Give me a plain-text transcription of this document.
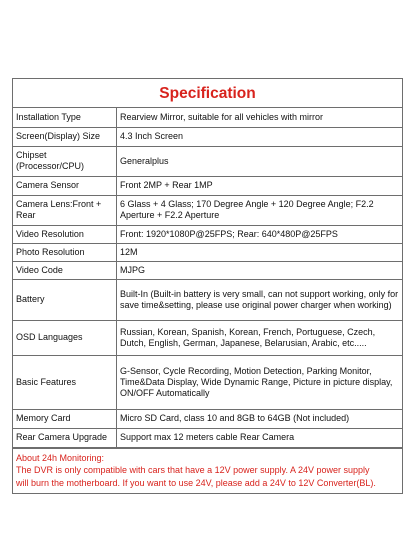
Specification
Installation Type	Rearview Mirror, suitable for all vehicles with mirror
Screen(Display) Size	4.3 Inch Screen
Chipset (Processor/CPU)	Generalplus
Camera Sensor	Front 2MP + Rear 1MP
Camera Lens:Front + Rear	6 Glass + 4 Glass; 170 Degree Angle + 120 Degree Angle; F2.2 Aperture + F2.2 Aperture
Video Resolution	Front: 1920*1080P@25FPS; Rear: 640*480P@25FPS
Photo Resolution	12M
Video Code	MJPG
Battery	Built-In (Built-in battery is very small, can not support working, only for save time&setting, please use original power charger when working)
OSD Languages	Russian, Korean, Spanish, Korean, French, Portuguese, Czech, Dutch, English, German, Japanese, Belarusian, Arabic, etc.....
Basic Features	G-Sensor, Cycle Recording, Motion Detection, Parking Monitor, Time&Data Display, Wide Dynamic Range, Picture in picture display, ON/OFF Automatically
Memory Card	Micro SD Card, class 10 and 8GB to 64GB (Not included)
Rear Camera Upgrade	Support max 12 meters cable Rear Camera
About 24h Monitoring:
The DVR is only compatible with cars that have a 12V power supply. A 24V power supply
will burn the motherboard. If you want to use 24V, please add a 24V to 12V Converter(BL).
